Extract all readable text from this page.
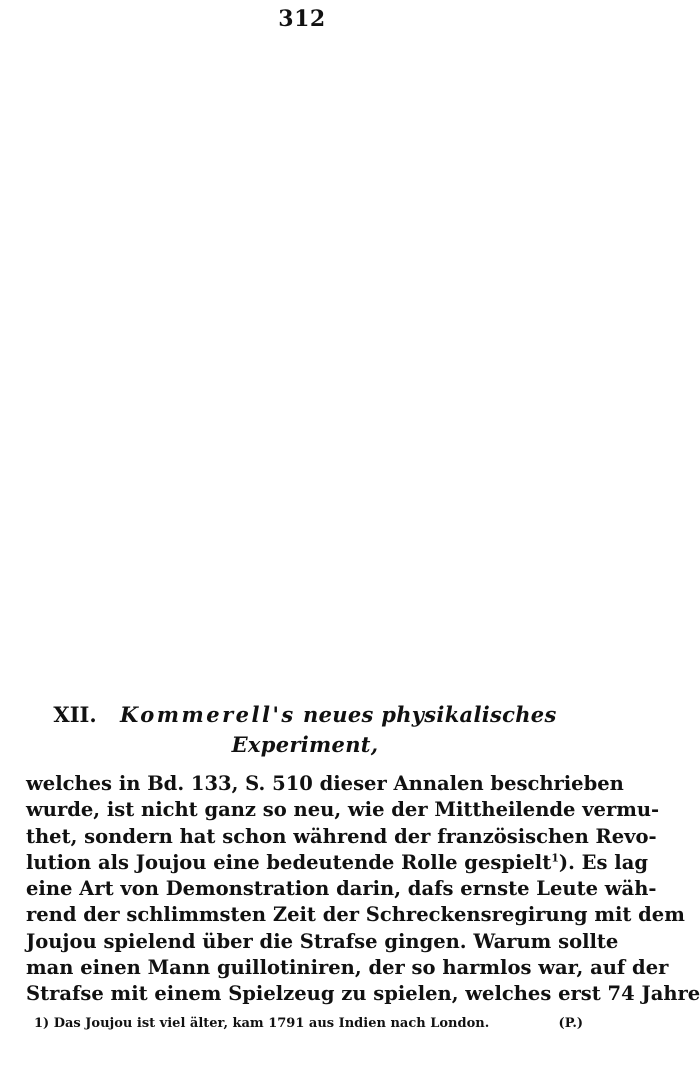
312
XII. Kommerell's neues physikalisches
Experiment,
welches in Bd. 133, S. 510 dieser Annalen beschrieben
wurde, ist nicht ganz so neu, wie der Mittheilende vermu-
thet, sondern hat schon während der französischen Revo-
lution als Joujou eine bedeutende Rolle gespielt$^1$). Es lag
eine Art von Demonstration darin, dafs ernste Leute wäh-
rend der schlimmsten Zeit der Schreckensregirung mit dem
Joujou spielend über die Strafse gingen. Warum sollte
man einen Mann guillotiniren, der so harmlos war, auf der
Strafse mit einem Spielzeug zu spielen, welches erst 74 Jahre
1) Das Joujou ist viel älter, kam 1791 aus Indien nach London.	(P.)
